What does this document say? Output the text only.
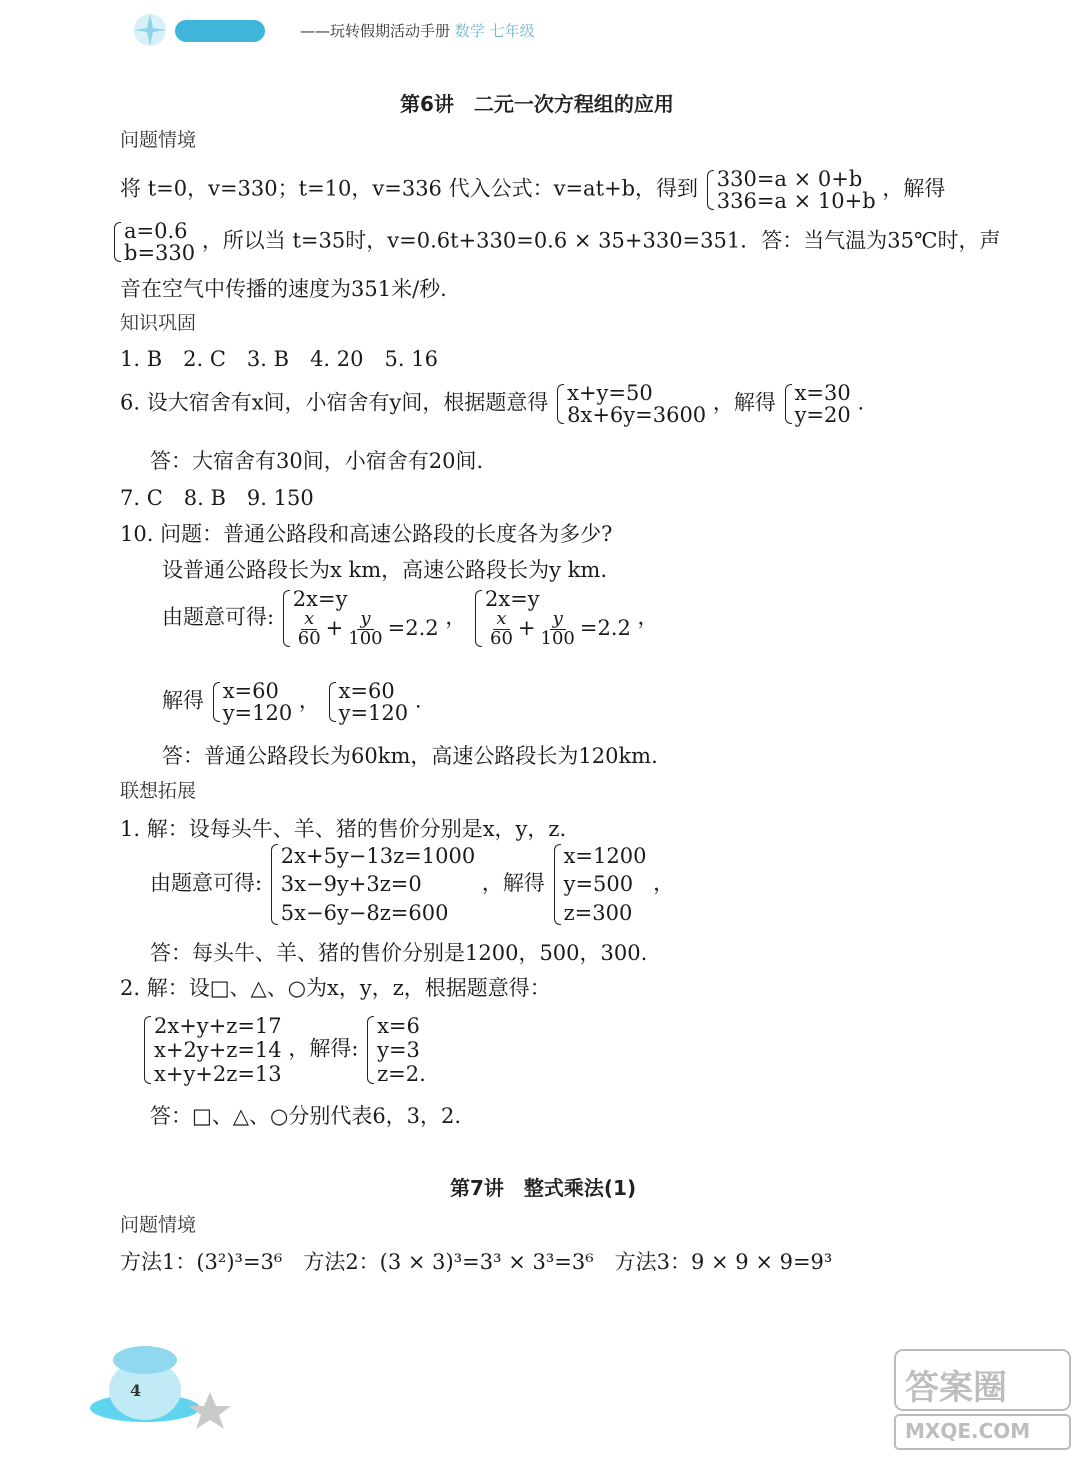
快乐假期	——玩转假期活动手册 数学 七年级
第6讲　二元一次方程组的应用
问题情境
将 t=0，v=330；t=10，v=336 代入公式：v=at+b，得到 330=a × 0+b
336=a × 10+b
，解得
a=0.6
b=330
，所以当 t=35时，v=0.6t+330=0.6 × 35+330=351．答：当气温为35℃时，声
音在空气中传播的速度为351米/秒.
知识巩固
1. B　2. C　3. B　4. 20　5. 16
6. 设大宿舍有x间，小宿舍有y间，根据题意得 x+y=50
8x+6y=3600
，解得 x=30
y=20
.
答：大宿舍有30间，小宿舍有20间.
7. C　8. B　9. 150
10. 问题：普通公路段和高速公路段的长度各为多少?
设普通公路段长为x km，高速公路段长为y km.
由题意可得:
2x=y
$\frac{x}{60} + \frac{y}{100} =2.2$ ，
2x=y
$\frac{x}{60} + \frac{y}{100} =2.2$ ，
解得 x=60
y=120
， x=60
y=120
.
答：普通公路段长为60km，高速公路段长为120km.
联想拓展
1. 解：设每头牛、羊、猪的售价分别是x，y，z.
由题意可得:
2x+5y−13z=1000
3x−9y+3z=0
5x−6y−8z=600
，解得
x=1200
y=500
z=300
，
答：每头牛、羊、猪的售价分别是1200，500，300.
2. 解：设□、△、○为x，y，z，根据题意得：
2x+y+z=17
x+2y+z=14
x+y+2z=13
，解得:
x=6
y=3
z=2.
答：□、△、○分别代表6，3，2.
第7讲　整式乘法(1)
问题情境
方法1：(3²)³=3⁶　方法2：(3 × 3)³=3³ × 3³=3⁶　方法3：9 × 9 × 9=9³
4	答案圈
MXQE.COM
